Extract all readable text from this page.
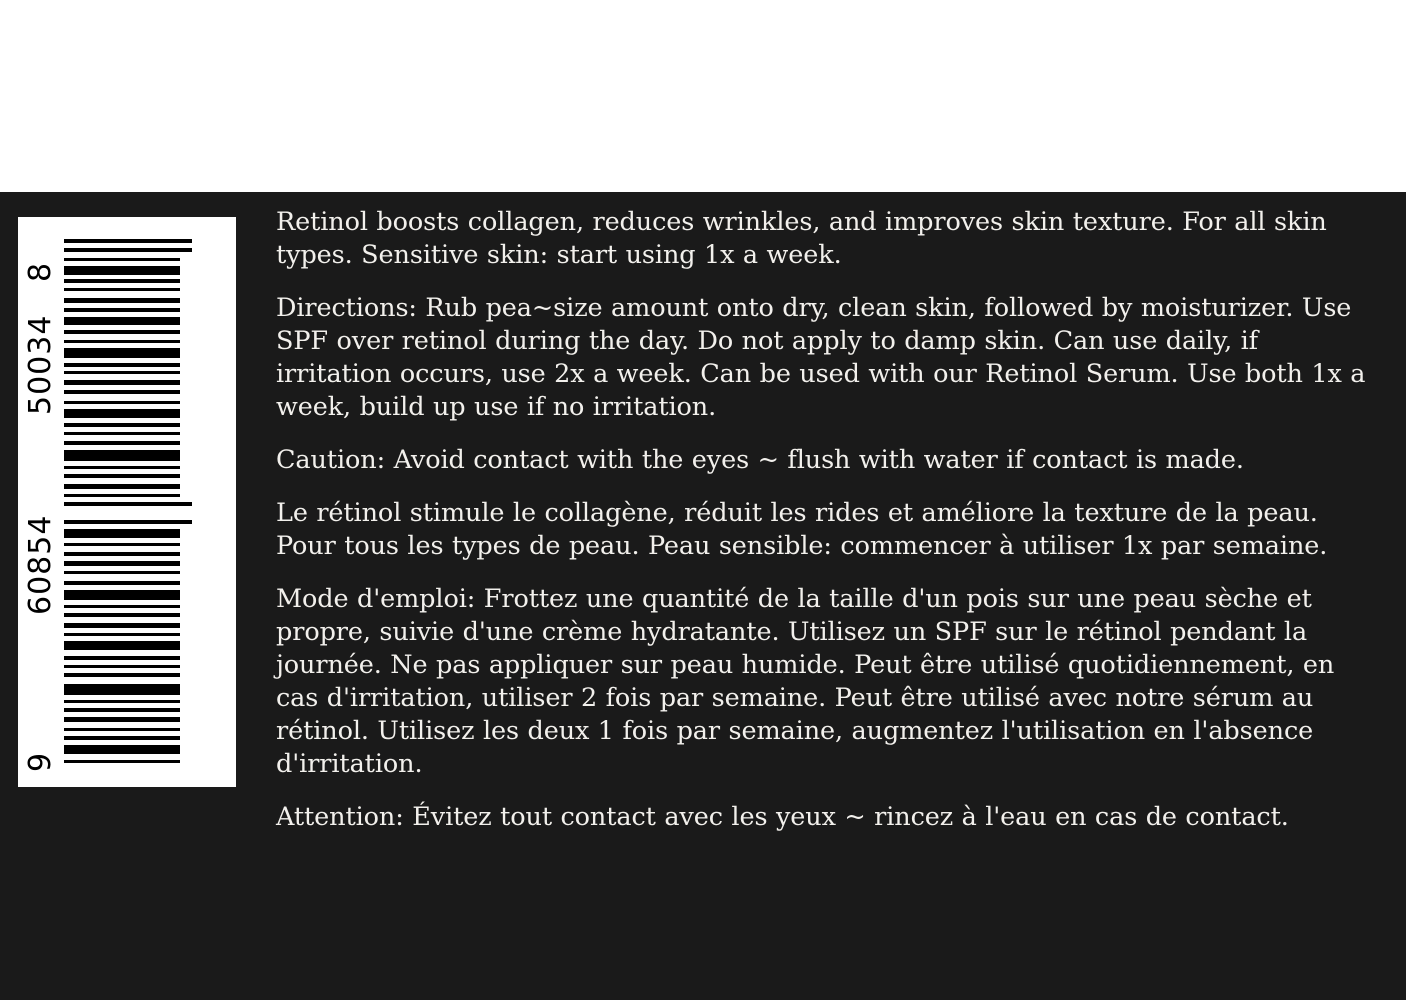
8
50034
60854
9

Retinol boosts collagen, reduces wrinkles, and improves skin texture. For all skin types. Sensitive skin: start using 1x a week.

Directions: Rub pea~size amount onto dry, clean skin, followed by moisturizer. Use SPF over retinol during the day. Do not apply to damp skin. Can use daily, if irritation occurs, use 2x a week. Can be used with our Retinol Serum. Use both 1x a week, build up use if no irritation.

Caution: Avoid contact with the eyes ~ flush with water if contact is made.

Le rétinol stimule le collagène, réduit les rides et améliore la texture de la peau. Pour tous les types de peau. Peau sensible: commencer à utiliser 1x par semaine.

Mode d'emploi: Frottez une quantité de la taille d'un pois sur une peau sèche et propre, suivie d'une crème hydratante. Utilisez un SPF sur le rétinol pendant la journée. Ne pas appliquer sur peau humide. Peut être utilisé quotidiennement, en cas d'irritation, utiliser 2 fois par semaine. Peut être utilisé avec notre sérum au rétinol. Utilisez les deux 1 fois par semaine, augmentez l'utilisation en l'absence d'irritation.

Attention: Évitez tout contact avec les yeux ~ rincez à l'eau en cas de contact.
